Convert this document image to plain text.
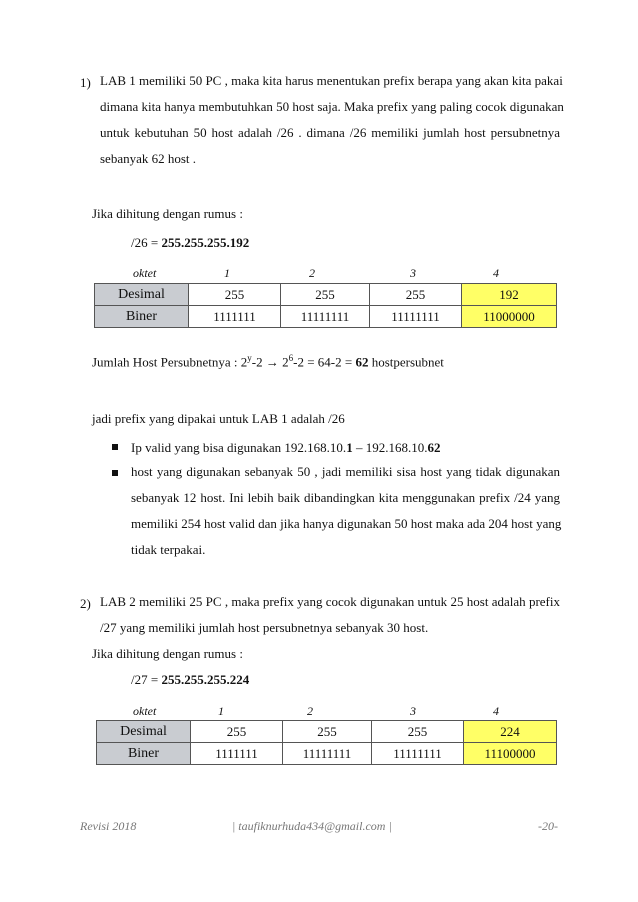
1) LAB 1 memiliki 50 PC , maka kita harus menentukan prefix berapa yang akan kita pakai
dimana kita hanya membutuhkan 50 host saja. Maka prefix yang paling cocok digunakan
untuk kebutuhan 50 host adalah /26 . dimana /26 memiliki jumlah host persubnetnya
sebanyak 62 host .
Jika dihitung dengan rumus :
/26 = 255.255.255.192
oktet	1	2	3	4
Desimal	255	255	255	192
Biner	1111111	11111111	11111111	11000000
Jumlah Host Persubnetnya : $2^y-2 \to 2^6-2 = 64-2 = 62$ hostpersubnet
jadi prefix yang dipakai untuk LAB 1 adalah /26
Ip valid yang bisa digunakan 192.168.10.1 – 192.168.10.62
host yang digunakan sebanyak 50 , jadi memiliki sisa host yang tidak digunakan
sebanyak 12 host. Ini lebih baik dibandingkan kita menggunakan prefix /24 yang
memiliki 254 host valid dan jika hanya digunakan 50 host maka ada 204 host yang
tidak terpakai.
2) LAB 2 memiliki 25 PC , maka prefix yang cocok digunakan untuk 25 host adalah prefix
/27 yang memiliki jumlah host persubnetnya sebanyak 30 host.
Jika dihitung dengan rumus :
/27 = 255.255.255.224
oktet	1	2	3	4
Desimal	255	255	255	224
Biner	1111111	11111111	11111111	11100000
Revisi 2018	| taufiknurhuda434@gmail.com |	-20-
